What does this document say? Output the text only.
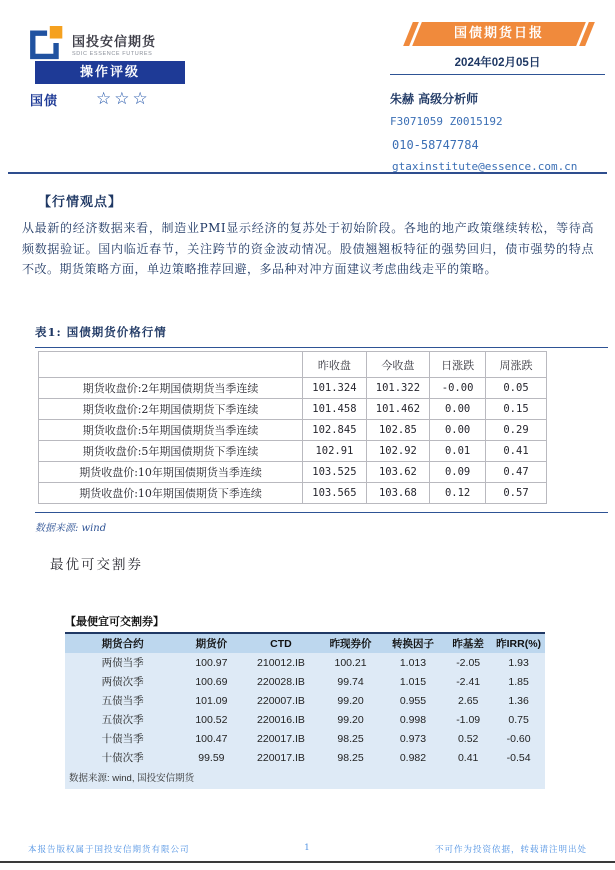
国投安信期货
SDIC ESSENCE FUTURES
操作评级
国债 ☆☆☆
国债期货日报
2024年02月05日
朱赫 高级分析师
F3071059 Z0015192
010-58747784
gtaxinstitute@essence.com.cn
【行情观点】
从最新的经济数据来看，制造业PMI显示经济的复苏处于初始阶段。各地的地产政策继续转松，等待高频数据验证。国内临近春节，关注跨节的资金波动情况。股债翘翘板特征的强势回归，债市强势的特点不改。期货策略方面，单边策略推荐回避，多品种对冲方面建议考虑曲线走平的策略。
表1: 国债期货价格行情
	昨收盘	今收盘	日涨跌	周涨跌
期货收盘价:2年期国债期货当季连续	101.324	101.322	-0.00	0.05
期货收盘价:2年期国债期货下季连续	101.458	101.462	0.00	0.15
期货收盘价:5年期国债期货当季连续	102.845	102.85	0.00	0.29
期货收盘价:5年期国债期货下季连续	102.91	102.92	0.01	0.41
期货收盘价:10年期国债期货当季连续	103.525	103.62	0.09	0.47
期货收盘价:10年期国债期货下季连续	103.565	103.68	0.12	0.57
数据来源: wind
最优可交割券
【最便宜可交割券】
期货合约	期货价	CTD	昨现券价	转换因子	昨基差	昨IRR(%)
两债当季	100.97	210012.IB	100.21	1.013	-2.05	1.93
两债次季	100.69	220028.IB	99.74	1.015	-2.41	1.85
五债当季	101.09	220007.IB	99.20	0.955	2.65	1.36
五债次季	100.52	220016.IB	99.20	0.998	-1.09	0.75
十债当季	100.47	220017.IB	98.25	0.973	0.52	-0.60
十债次季	99.59	220017.IB	98.25	0.982	0.41	-0.54
数据来源: wind, 国投安信期货
1
本报告版权属于国投安信期货有限公司	不可作为投资依据，转载请注明出处
